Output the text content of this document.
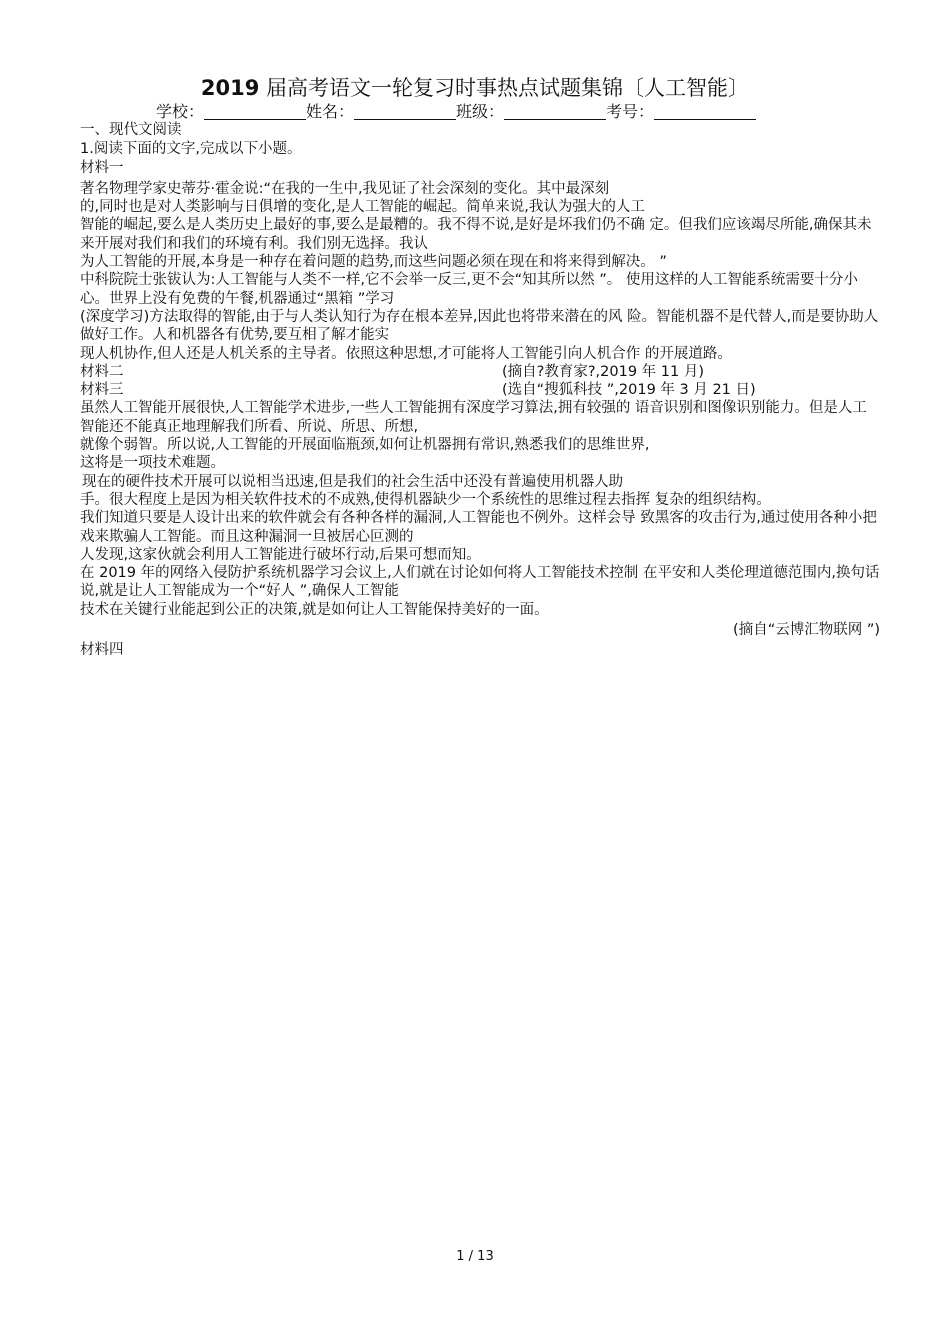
2019 届高考语文一轮复习时事热点试题集锦〔人工智能〕
学校：	姓名：	班级：	考号：

一、现代文阅读

1.阅读下面的文字,完成以下小题。

材料一

著名物理学家史蒂芬·霍金说:“在我的一生中,我见证了社会深刻的变化。其中最深刻

的,同时也是对人类影响与日俱增的变化,是人工智能的崛起。简单来说,我认为强大的人工

智能的崛起,要么是人类历史上最好的事,要么是最糟的。我不得不说,是好是坏我们仍不确 定。但我们应该竭尽所能,确保其未来开展对我们和我们的环境有利。我们别无选择。我认

为人工智能的开展,本身是一种存在着问题的趋势,而这些问题必须在现在和将来得到解决。 ”

中科院院士张钹认为:人工智能与人类不一样,它不会举一反三,更不会“知其所以然 ”。 使用这样的人工智能系统需要十分小心。世界上没有免费的午餐,机器通过“黑箱 ”学习

(深度学习)方法取得的智能,由于与人类认知行为存在根本差异,因此也将带来潜在的风 险。智能机器不是代替人,而是要协助人做好工作。人和机器各有优势,要互相了解才能实

现人机协作,但人还是人机关系的主导者。依照这种思想,才可能将人工智能引向人机合作 的开展道路。

材料二	(摘自?教育家?,2019 年 11 月)
材料三	(选自“搜狐科技 ”,2019 年 3 月 21 日)

虽然人工智能开展很快,人工智能学术进步,一些人工智能拥有深度学习算法,拥有较强的 语音识别和图像识别能力。但是人工智能还不能真正地理解我们所看、所说、所思、所想,

就像个弱智。所以说,人工智能的开展面临瓶颈,如何让机器拥有常识,熟悉我们的思维世界,

这将是一项技术难题。

现在的硬件技术开展可以说相当迅速,但是我们的社会生活中还没有普遍使用机器人助

手。很大程度上是因为相关软件技术的不成熟,使得机器缺少一个系统性的思维过程去指挥 复杂的组织结构。

我们知道只要是人设计出来的软件就会有各种各样的漏洞,人工智能也不例外。这样会导 致黑客的攻击行为,通过使用各种小把戏来欺骗人工智能。而且这种漏洞一旦被居心叵测的

人发现,这家伙就会利用人工智能进行破坏行动,后果可想而知。

在 2019 年的网络入侵防护系统机器学习会议上,人们就在讨论如何将人工智能技术控制 在平安和人类伦理道德范围内,换句话说,就是让人工智能成为一个“好人 ”,确保人工智能

技术在关键行业能起到公正的决策,就是如何让人工智能保持美好的一面。

(摘自“云博汇物联网 ”)

材料四

1 / 13
